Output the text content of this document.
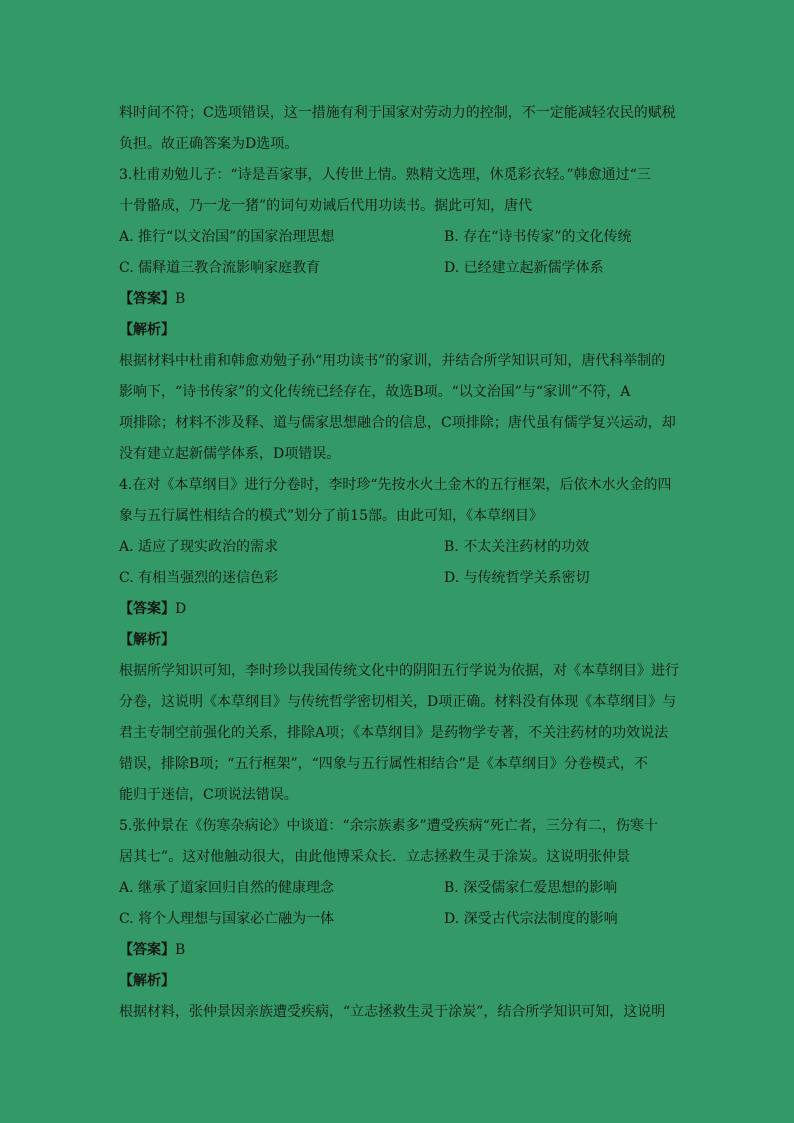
料时间不符；C选项错误，这一措施有利于国家对劳动力的控制，不一定能减轻农民的赋税
负担。故正确答案为D选项。
3.杜甫劝勉儿子：“诗是吾家事，人传世上情。熟精文选理，休觅彩衣轻。”韩愈通过“三
十骨骼成，乃一龙一猪”的词句劝诫后代用功读书。据此可知，唐代
A. 推行“以文治国”的国家治理思想	B. 存在“诗书传家”的文化传统
C. 儒释道三教合流影响家庭教育	D. 已经建立起新儒学体系
【答案】B
【解析】
根据材料中杜甫和韩愈劝勉子孙“用功读书”的家训，并结合所学知识可知，唐代科举制的
影响下，“诗书传家”的文化传统已经存在，故选B项。“以文治国”与“家训”不符，A
项排除；材料不涉及释、道与儒家思想融合的信息，C项排除；唐代虽有儒学复兴运动，却
没有建立起新儒学体系，D项错误。
4.在对《本草纲目》进行分卷时，李时珍“先按水火土金木的五行框架，后依木水火金的四
象与五行属性相结合的模式”划分了前15部。由此可知，《本草纲目》
A. 适应了现实政治的需求	B. 不太关注药材的功效
C. 有相当强烈的迷信色彩	D. 与传统哲学关系密切
【答案】D
【解析】
根据所学知识可知，李时珍以我国传统文化中的阴阳五行学说为依据，对《本草纲目》进行
分卷，这说明《本草纲目》与传统哲学密切相关，D项正确。材料没有体现《本草纲目》与
君主专制空前强化的关系，排除A项；《本草纲目》是药物学专著，不关注药材的功效说法
错误，排除B项；“五行框架”，“四象与五行属性相结合”是《本草纲目》分卷模式，不
能归于迷信，C项说法错误。
5.张仲景在《伤寒杂病论》中谈道：“余宗族素多”遭受疾病“死亡者，三分有二，伤寒十
居其七”。这对他触动很大，由此他博采众长．立志拯救生灵于涂炭。这说明张仲景
A. 继承了道家回归自然的健康理念	B. 深受儒家仁爱思想的影响
C. 将个人理想与国家必亡融为一体	D. 深受古代宗法制度的影响
【答案】B
【解析】
根据材料，张仲景因亲族遭受疾病，“立志拯救生灵于涂炭”，结合所学知识可知，这说明
